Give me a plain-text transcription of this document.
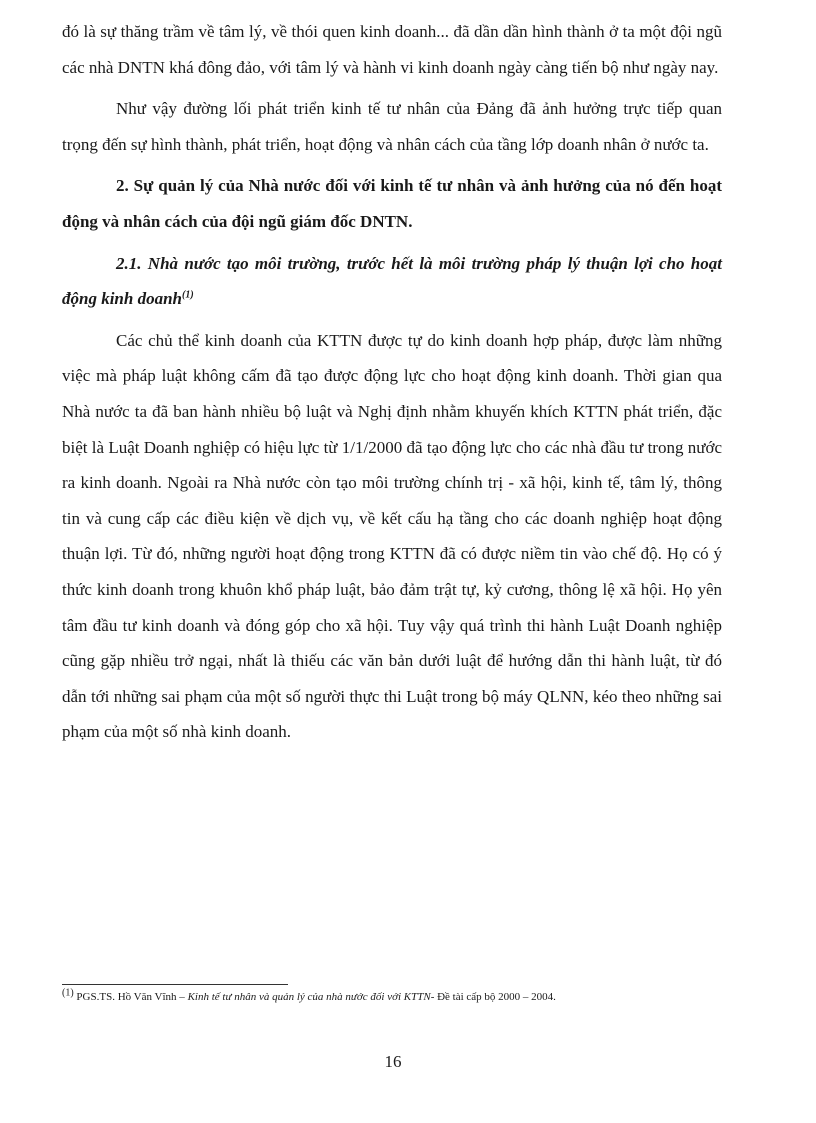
đó là sự thăng trầm về tâm lý, về thói quen kinh doanh... đã dần dần hình thành ở ta một đội ngũ các nhà DNTN khá đông đảo, với tâm lý và hành vi kinh doanh ngày càng tiến bộ như ngày nay.

Như vậy đường lối phát triển kinh tế tư nhân của Đảng đã ảnh hưởng trực tiếp quan trọng đến sự hình thành, phát triển, hoạt động và nhân cách của tầng lớp doanh nhân ở nước ta.

2. Sự quản lý của Nhà nước đối với kinh tế tư nhân và ảnh hưởng của nó đến hoạt động và nhân cách của đội ngũ giám đốc DNTN.

2.1. Nhà nước tạo môi trường, trước hết là môi trường pháp lý thuận lợi cho hoạt động kinh doanh$^{(1)}$

Các chủ thể kinh doanh của KTTN được tự do kinh doanh hợp pháp, được làm những việc mà pháp luật không cấm đã tạo được động lực cho hoạt động kinh doanh. Thời gian qua Nhà nước ta đã ban hành nhiều bộ luật và Nghị định nhằm khuyến khích KTTN phát triển, đặc biệt là Luật Doanh nghiệp có hiệu lực từ 1/1/2000 đã tạo động lực cho các nhà đầu tư trong nước ra kinh doanh. Ngoài ra Nhà nước còn tạo môi trường chính trị - xã hội, kinh tế, tâm lý, thông tin và cung cấp các điều kiện về dịch vụ, về kết cấu hạ tầng cho các doanh nghiệp hoạt động thuận lợi. Từ đó, những người hoạt động trong KTTN đã có được niềm tin vào chế độ. Họ có ý thức kinh doanh trong khuôn khổ pháp luật, bảo đảm trật tự, kỷ cương, thông lệ xã hội. Họ yên tâm đầu tư kinh doanh và đóng góp cho xã hội. Tuy vậy quá trình thi hành Luật Doanh nghiệp cũng gặp nhiều trở ngại, nhất là thiếu các văn bản dưới luật để hướng dẫn thi hành luật, từ đó dẫn tới những sai phạm của một số người thực thi Luật trong bộ máy QLNN, kéo theo những sai phạm của một số nhà kinh doanh.

$^{(1)}$ PGS.TS. Hồ Văn Vĩnh – Kinh tế tư nhân và quản lý của nhà nước đối với KTTN- Đề tài cấp bộ 2000 – 2004.
16
